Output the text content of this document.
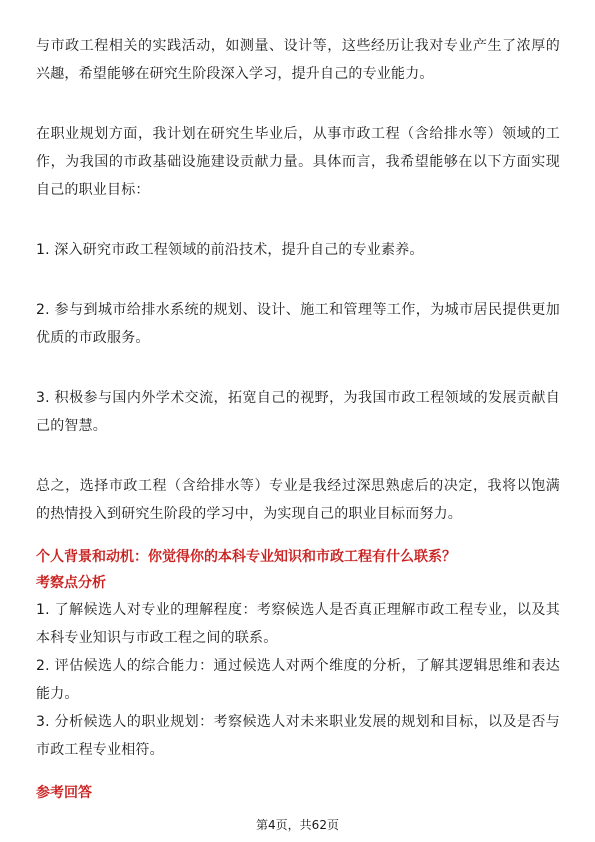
与市政工程相关的实践活动，如测量、设计等，这些经历让我对专业产生了浓厚的兴趣，希望能够在研究生阶段深入学习，提升自己的专业能力。

在职业规划方面，我计划在研究生毕业后，从事市政工程（含给排水等）领域的工作，为我国的市政基础设施建设贡献力量。具体而言，我希望能够在以下方面实现自己的职业目标：

1. 深入研究市政工程领域的前沿技术，提升自己的专业素养。

2. 参与到城市给排水系统的规划、设计、施工和管理等工作，为城市居民提供更加优质的市政服务。

3. 积极参与国内外学术交流，拓宽自己的视野，为我国市政工程领域的发展贡献自己的智慧。

总之，选择市政工程（含给排水等）专业是我经过深思熟虑后的决定，我将以饱满的热情投入到研究生阶段的学习中，为实现自己的职业目标而努力。

个人背景和动机：你觉得你的本科专业知识和市政工程有什么联系？

考察点分析

1. 了解候选人对专业的理解程度：考察候选人是否真正理解市政工程专业，以及其本科专业知识与市政工程之间的联系。

2. 评估候选人的综合能力：通过候选人对两个维度的分析，了解其逻辑思维和表达能力。

3. 分析候选人的职业规划：考察候选人对未来职业发展的规划和目标，以及是否与市政工程专业相符。

参考回答

第4页，共62页
